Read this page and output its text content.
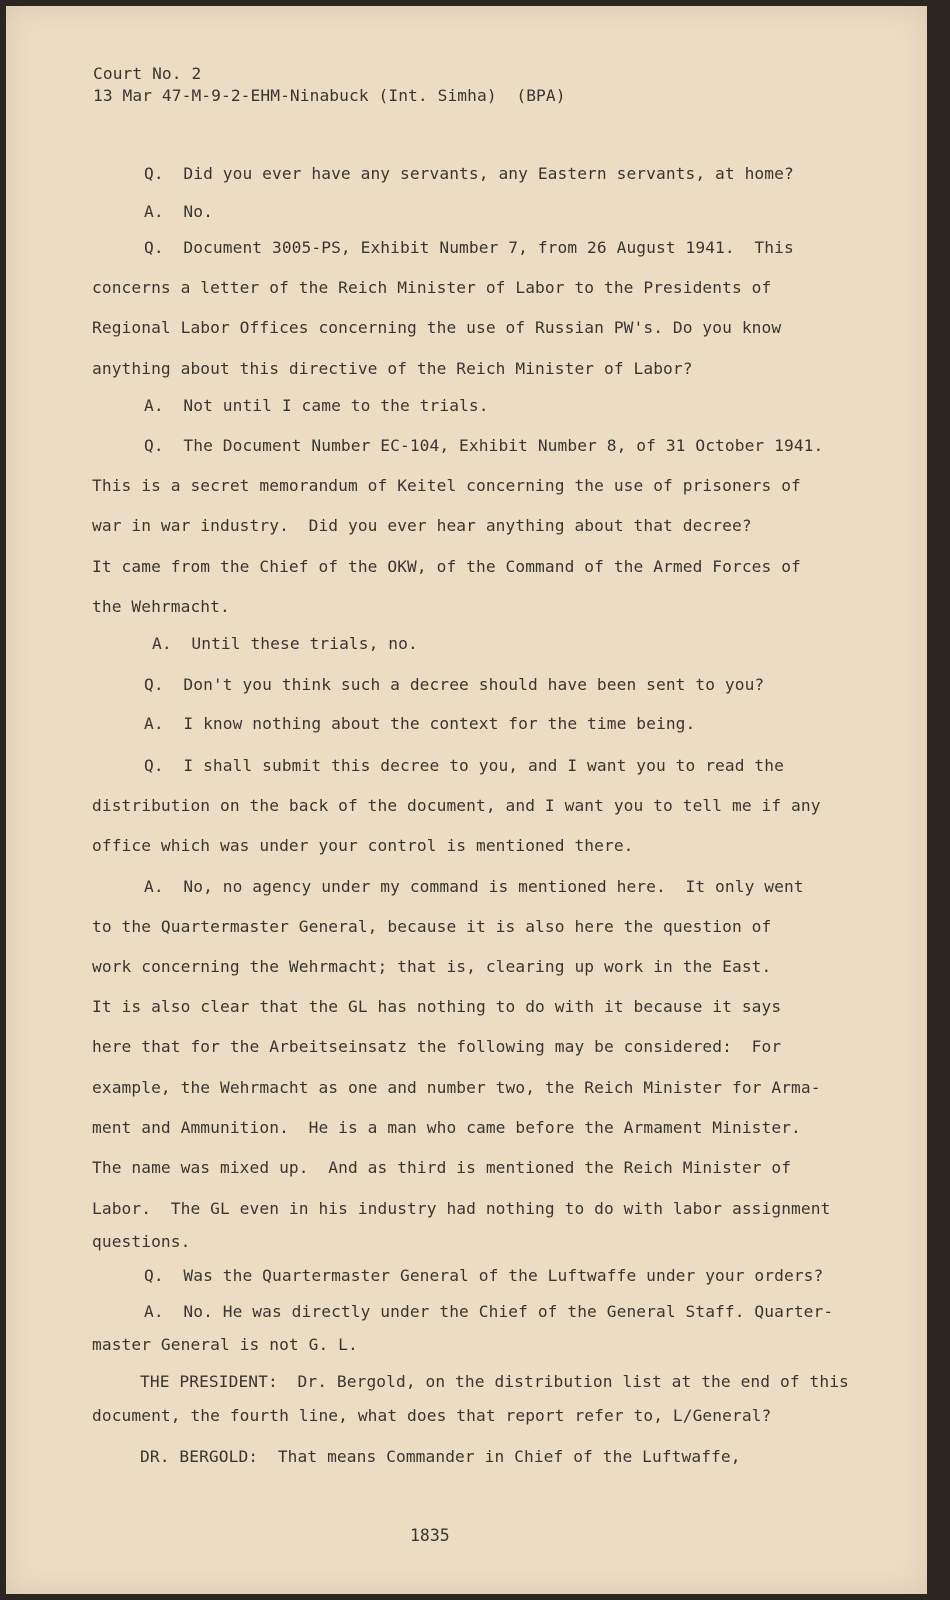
Court No. 2
13 Mar 47-M-9-2-EHM-Ninabuck (Int. Simha)  (BPA)
Q.  Did you ever have any servants, any Eastern servants, at home?
A.  No.
Q.  Document 3005-PS, Exhibit Number 7, from 26 August 1941.  This
concerns a letter of the Reich Minister of Labor to the Presidents of
Regional Labor Offices concerning the use of Russian PW's. Do you know
anything about this directive of the Reich Minister of Labor?
A.  Not until I came to the trials.
Q.  The Document Number EC-104, Exhibit Number 8, of 31 October 1941.
This is a secret memorandum of Keitel concerning the use of prisoners of
war in war industry.  Did you ever hear anything about that decree?
It came from the Chief of the OKW, of the Command of the Armed Forces of
the Wehrmacht.
A.  Until these trials, no.
Q.  Don't you think such a decree should have been sent to you?
A.  I know nothing about the context for the time being.
Q.  I shall submit this decree to you, and I want you to read the
distribution on the back of the document, and I want you to tell me if any
office which was under your control is mentioned there.
A.  No, no agency under my command is mentioned here.  It only went
to the Quartermaster General, because it is also here the question of
work concerning the Wehrmacht; that is, clearing up work in the East.
It is also clear that the GL has nothing to do with it because it says
here that for the Arbeitseinsatz the following may be considered:  For
example, the Wehrmacht as one and number two, the Reich Minister for Arma-
ment and Ammunition.  He is a man who came before the Armament Minister.
The name was mixed up.  And as third is mentioned the Reich Minister of
Labor.  The GL even in his industry had nothing to do with labor assignment
questions.
Q.  Was the Quartermaster General of the Luftwaffe under your orders?
A.  No. He was directly under the Chief of the General Staff. Quarter-
master General is not G. L.
THE PRESIDENT:  Dr. Bergold, on the distribution list at the end of this
document, the fourth line, what does that report refer to, L/General?
DR. BERGOLD:  That means Commander in Chief of the Luftwaffe,
1835
